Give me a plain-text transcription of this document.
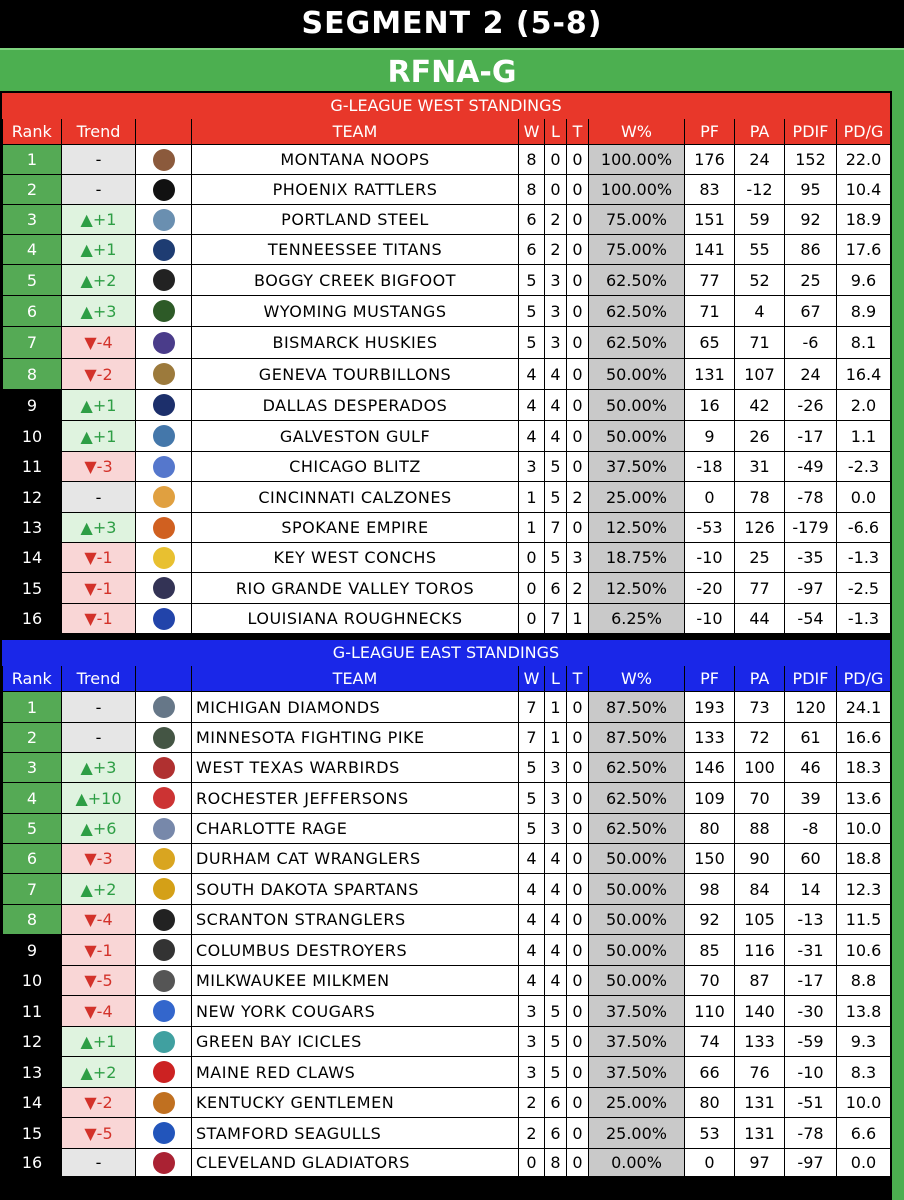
SEGMENT 2 (5-8)
RFNA-G
G-LEAGUE WEST STANDINGS
Rank	Trend		TEAM	W	L	T	W%	PF	PA	PDIF	PD/G
1	-		MONTANA NOOPS	8	0	0	100.00%	176	24	152	22.0
2	-		PHOENIX RATTLERS	8	0	0	100.00%	83	-12	95	10.4
3	▲+1		PORTLAND STEEL	6	2	0	75.00%	151	59	92	18.9
4	▲+1		TENNEESSEE TITANS	6	2	0	75.00%	141	55	86	17.6
5	▲+2		BOGGY CREEK BIGFOOT	5	3	0	62.50%	77	52	25	9.6
6	▲+3		WYOMING MUSTANGS	5	3	0	62.50%	71	4	67	8.9
7	▼-4		BISMARCK HUSKIES	5	3	0	62.50%	65	71	-6	8.1
8	▼-2		GENEVA TOURBILLONS	4	4	0	50.00%	131	107	24	16.4
9	▲+1		DALLAS DESPERADOS	4	4	0	50.00%	16	42	-26	2.0
10	▲+1		GALVESTON GULF	4	4	0	50.00%	9	26	-17	1.1
11	▼-3		CHICAGO BLITZ	3	5	0	37.50%	-18	31	-49	-2.3
12	-		CINCINNATI CALZONES	1	5	2	25.00%	0	78	-78	0.0
13	▲+3		SPOKANE EMPIRE	1	7	0	12.50%	-53	126	-179	-6.6
14	▼-1		KEY WEST CONCHS	0	5	3	18.75%	-10	25	-35	-1.3
15	▼-1		RIO GRANDE VALLEY TOROS	0	6	2	12.50%	-20	77	-97	-2.5
16	▼-1		LOUISIANA ROUGHNECKS	0	7	1	6.25%	-10	44	-54	-1.3
G-LEAGUE EAST STANDINGS
Rank	Trend		TEAM	W	L	T	W%	PF	PA	PDIF	PD/G
1	-		MICHIGAN DIAMONDS	7	1	0	87.50%	193	73	120	24.1
2	-		MINNESOTA FIGHTING PIKE	7	1	0	87.50%	133	72	61	16.6
3	▲+3		WEST TEXAS WARBIRDS	5	3	0	62.50%	146	100	46	18.3
4	▲+10		ROCHESTER JEFFERSONS	5	3	0	62.50%	109	70	39	13.6
5	▲+6		CHARLOTTE RAGE	5	3	0	62.50%	80	88	-8	10.0
6	▼-3		DURHAM CAT WRANGLERS	4	4	0	50.00%	150	90	60	18.8
7	▲+2		SOUTH DAKOTA SPARTANS	4	4	0	50.00%	98	84	14	12.3
8	▼-4		SCRANTON STRANGLERS	4	4	0	50.00%	92	105	-13	11.5
9	▼-1		COLUMBUS DESTROYERS	4	4	0	50.00%	85	116	-31	10.6
10	▼-5		MILKWAUKEE MILKMEN	4	4	0	50.00%	70	87	-17	8.8
11	▼-4		NEW YORK COUGARS	3	5	0	37.50%	110	140	-30	13.8
12	▲+1		GREEN BAY ICICLES	3	5	0	37.50%	74	133	-59	9.3
13	▲+2		MAINE RED CLAWS	3	5	0	37.50%	66	76	-10	8.3
14	▼-2		KENTUCKY GENTLEMEN	2	6	0	25.00%	80	131	-51	10.0
15	▼-5		STAMFORD SEAGULLS	2	6	0	25.00%	53	131	-78	6.6
16	-		CLEVELAND GLADIATORS	0	8	0	0.00%	0	97	-97	0.0
